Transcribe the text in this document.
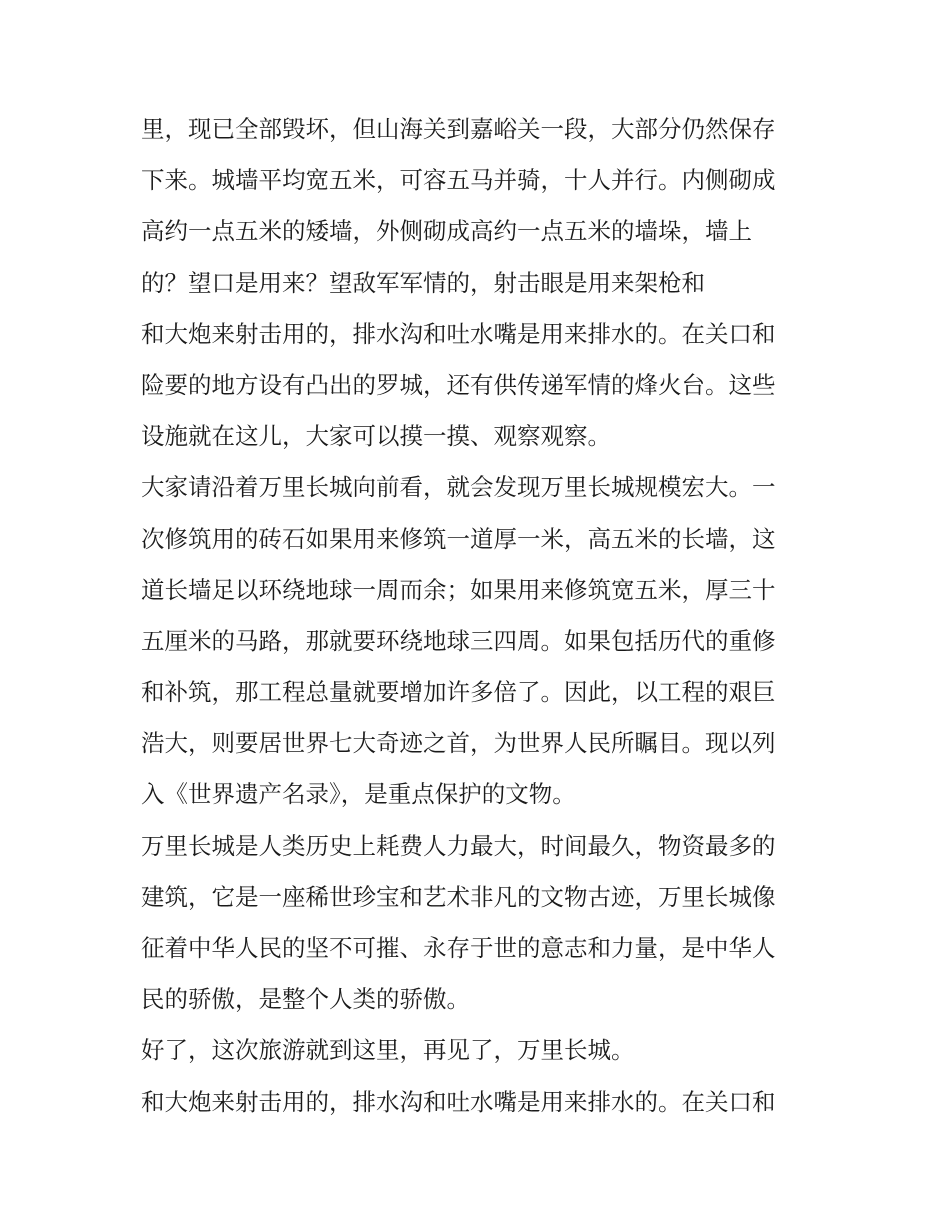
里，现已全部毁坏，但山海关到嘉峪关一段，大部分仍然保存
下来。城墙平均宽五米，可容五马并骑，十人并行。内侧砌成
高约一点五米的矮墙，外侧砌成高约一点五米的墙垛，墙上
的？望口是用来？望敌军军情的，射击眼是用来架枪和
和大炮来射击用的，排水沟和吐水嘴是用来排水的。在关口和
险要的地方设有凸出的罗城，还有供传递军情的烽火台。这些
设施就在这儿，大家可以摸一摸、观察观察。
大家请沿着万里长城向前看，就会发现万里长城规模宏大。一
次修筑用的砖石如果用来修筑一道厚一米，高五米的长墙，这
道长墙足以环绕地球一周而余；如果用来修筑宽五米，厚三十
五厘米的马路，那就要环绕地球三四周。如果包括历代的重修
和补筑，那工程总量就要增加许多倍了。因此，以工程的艰巨
浩大，则要居世界七大奇迹之首，为世界人民所瞩目。现以列
入《世界遗产名录》，是重点保护的文物。
万里长城是人类历史上耗费人力最大，时间最久，物资最多的
建筑，它是一座稀世珍宝和艺术非凡的文物古迹，万里长城像
征着中华人民的坚不可摧、永存于世的意志和力量，是中华人
民的骄傲，是整个人类的骄傲。
好了，这次旅游就到这里，再见了，万里长城。
和大炮来射击用的，排水沟和吐水嘴是用来排水的。在关口和
